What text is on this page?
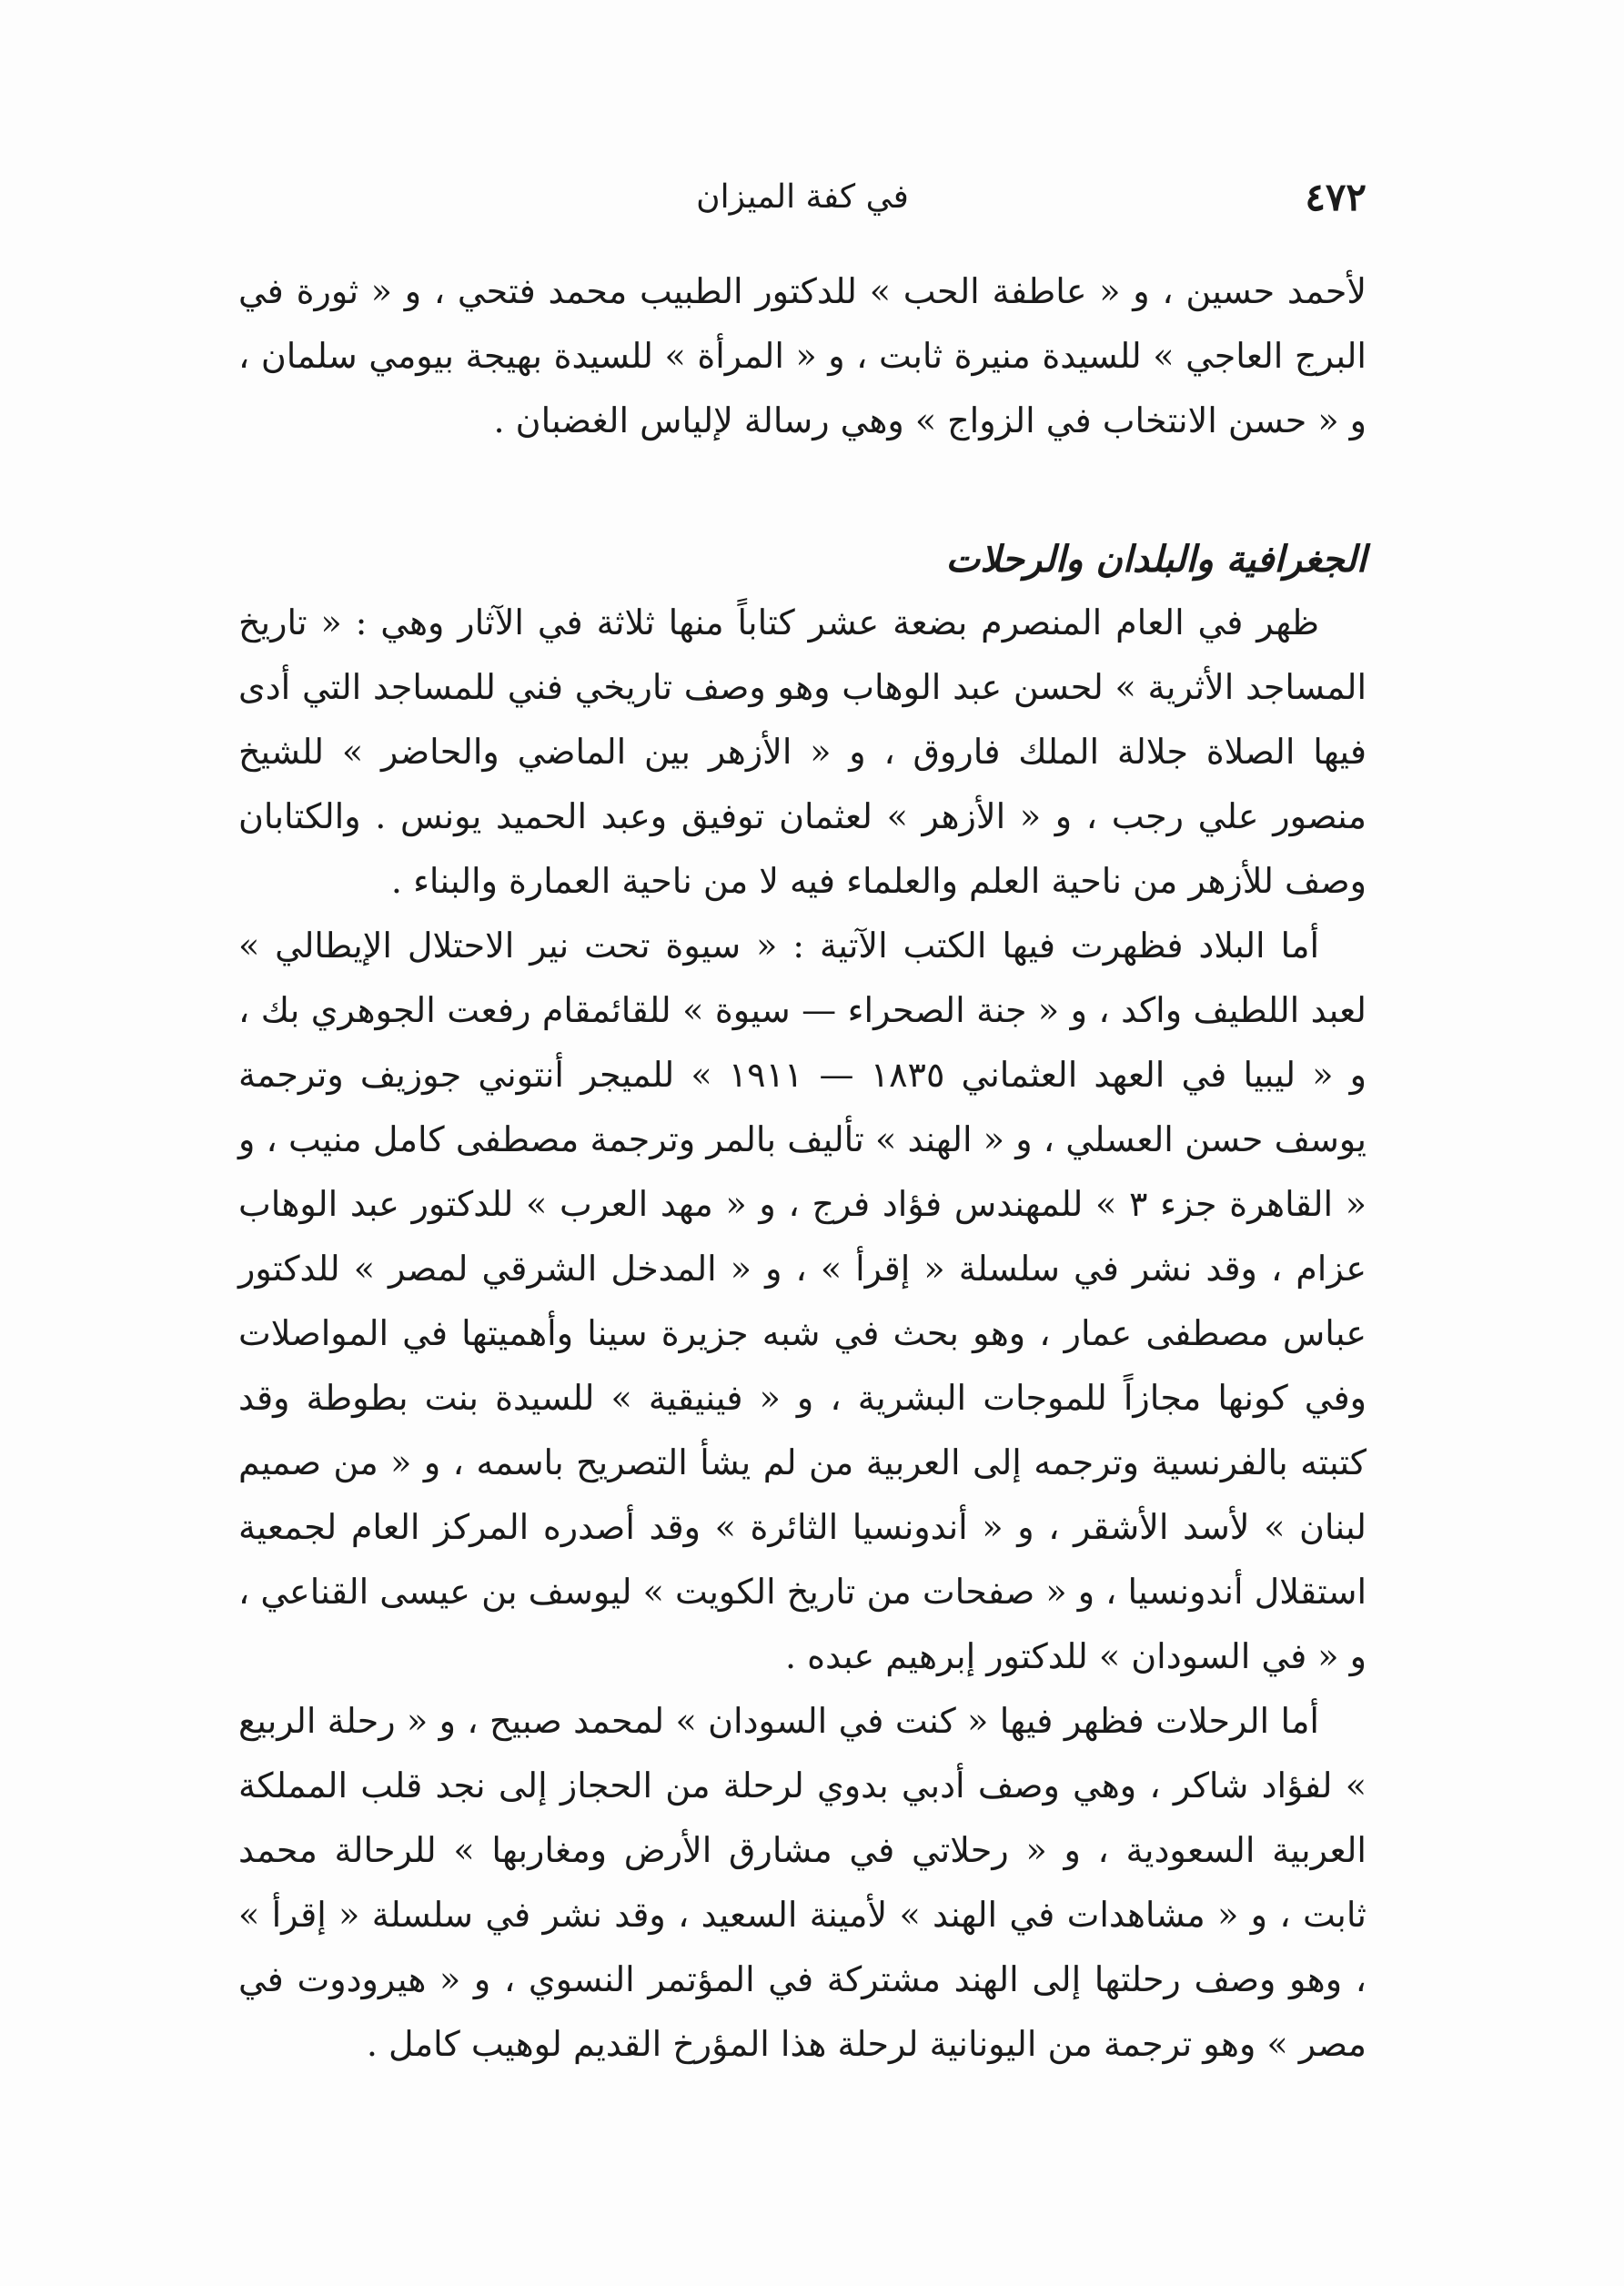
٤٧٢
في كفة الميزان

لأحمد حسين ، و « عاطفة الحب » للدكتور الطبيب محمد فتحي ، و « ثورة في البرج العاجي » للسيدة منيرة ثابت ، و « المرأة » للسيدة بهيجة بيومي سلمان ، و « حسن الانتخاب في الزواج » وهي رسالة لإلياس الغضبان .

الجغرافية والبلدان والرحلات

ظهر في العام المنصرم بضعة عشر كتاباً منها ثلاثة في الآثار وهي : « تاريخ المساجد الأثرية » لحسن عبد الوهاب وهو وصف تاريخي فني للمساجد التي أدى فيها الصلاة جلالة الملك فاروق ، و « الأزهر بين الماضي والحاضر » للشيخ منصور علي رجب ، و « الأزهر » لعثمان توفيق وعبد الحميد يونس . والكتابان وصف للأزهر من ناحية العلم والعلماء فيه لا من ناحية العمارة والبناء .

أما البلاد فظهرت فيها الكتب الآتية : « سيوة تحت نير الاحتلال الإيطالي » لعبد اللطيف واكد ، و « جنة الصحراء — سيوة » للقائمقام رفعت الجوهري بك ، و « ليبيا في العهد العثماني ١٨٣٥ — ١٩١١ » للميجر أنتوني جوزيف وترجمة يوسف حسن العسلي ، و « الهند » تأليف بالمر وترجمة مصطفى كامل منيب ، و « القاهرة جزء ٣ » للمهندس فؤاد فرج ، و « مهد العرب » للدكتور عبد الوهاب عزام ، وقد نشر في سلسلة « إقرأ » ، و « المدخل الشرقي لمصر » للدكتور عباس مصطفى عمار ، وهو بحث في شبه جزيرة سينا وأهميتها في المواصلات وفي كونها مجازاً للموجات البشرية ، و « فينيقية » للسيدة بنت بطوطة وقد كتبته بالفرنسية وترجمه إلى العربية من لم يشأ التصريح باسمه ، و « من صميم لبنان » لأسد الأشقر ، و « أندونسيا الثائرة » وقد أصدره المركز العام لجمعية استقلال أندونسيا ، و « صفحات من تاريخ الكويت » ليوسف بن عيسى القناعي ، و « في السودان » للدكتور إبرهيم عبده .

أما الرحلات فظهر فيها « كنت في السودان » لمحمد صبيح ، و « رحلة الربيع » لفؤاد شاكر ، وهي وصف أدبي بدوي لرحلة من الحجاز إلى نجد قلب المملكة العربية السعودية ، و « رحلاتي في مشارق الأرض ومغاربها » للرحالة محمد ثابت ، و « مشاهدات في الهند » لأمينة السعيد ، وقد نشر في سلسلة « إقرأ » ، وهو وصف رحلتها إلى الهند مشتركة في المؤتمر النسوي ، و « هيرودوت في مصر » وهو ترجمة من اليونانية لرحلة هذا المؤرخ القديم لوهيب كامل .
